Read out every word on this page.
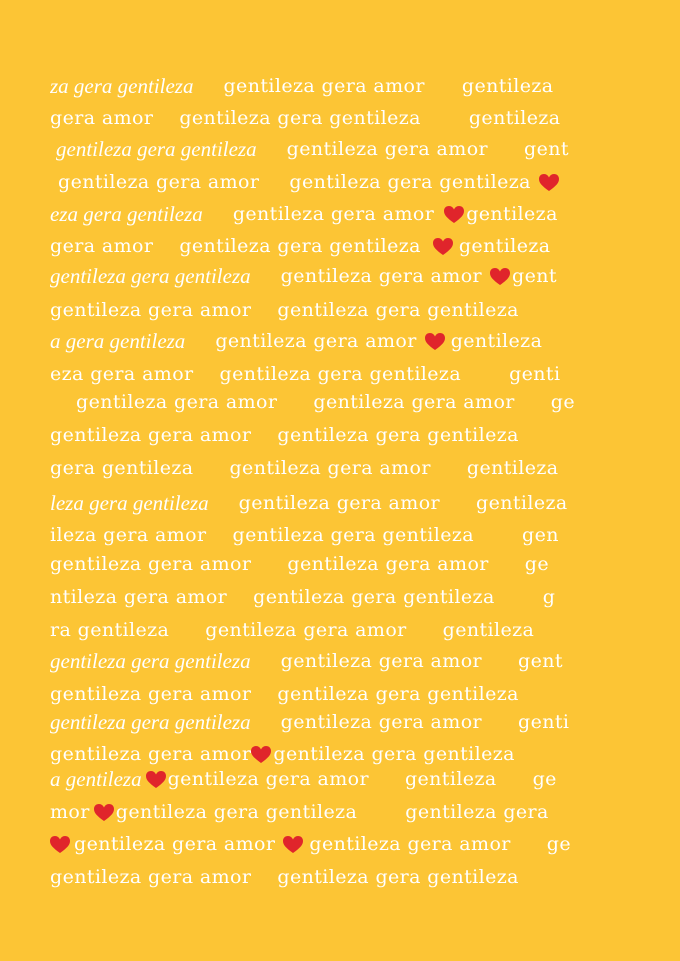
za gera gentileza gentileza gera amor gentileza
gera amor gentileza gera gentileza	gentileza
gentileza gera gentileza gentileza gera amor gent
gentileza gera amor gentileza gera gentileza
eza gera gentileza gentileza gera amor gentileza
gera amor gentileza gera gentileza gentileza
gentileza gera gentileza gentileza gera amor gent
gentileza gera amor gentileza gera gentileza
a gera gentileza gentileza gera amor gentileza
eza gera amor gentileza gera gentileza	genti
gentileza gera amor gentileza gera amor ge
gentileza gera amor gentileza gera gentileza
gera gentileza gentileza gera amor gentileza
leza gera gentileza gentileza gera amor gentileza
ileza gera amor gentileza gera gentileza	gen
gentileza gera amor gentileza gera amor ge
ntileza gera amor gentileza gera gentileza	g
ra gentileza gentileza gera amor gentileza
gentileza gera gentileza gentileza gera amor gent
gentileza gera amor gentileza gera gentileza
gentileza gera gentileza gentileza gera amor genti
gentileza gera amor gentileza gera gentileza
a gentileza gentileza gera amor gentileza ge
mor gentileza gera gentileza	gentileza gera
gentileza gera amor gentileza gera amor ge
gentileza gera amor gentileza gera gentileza
